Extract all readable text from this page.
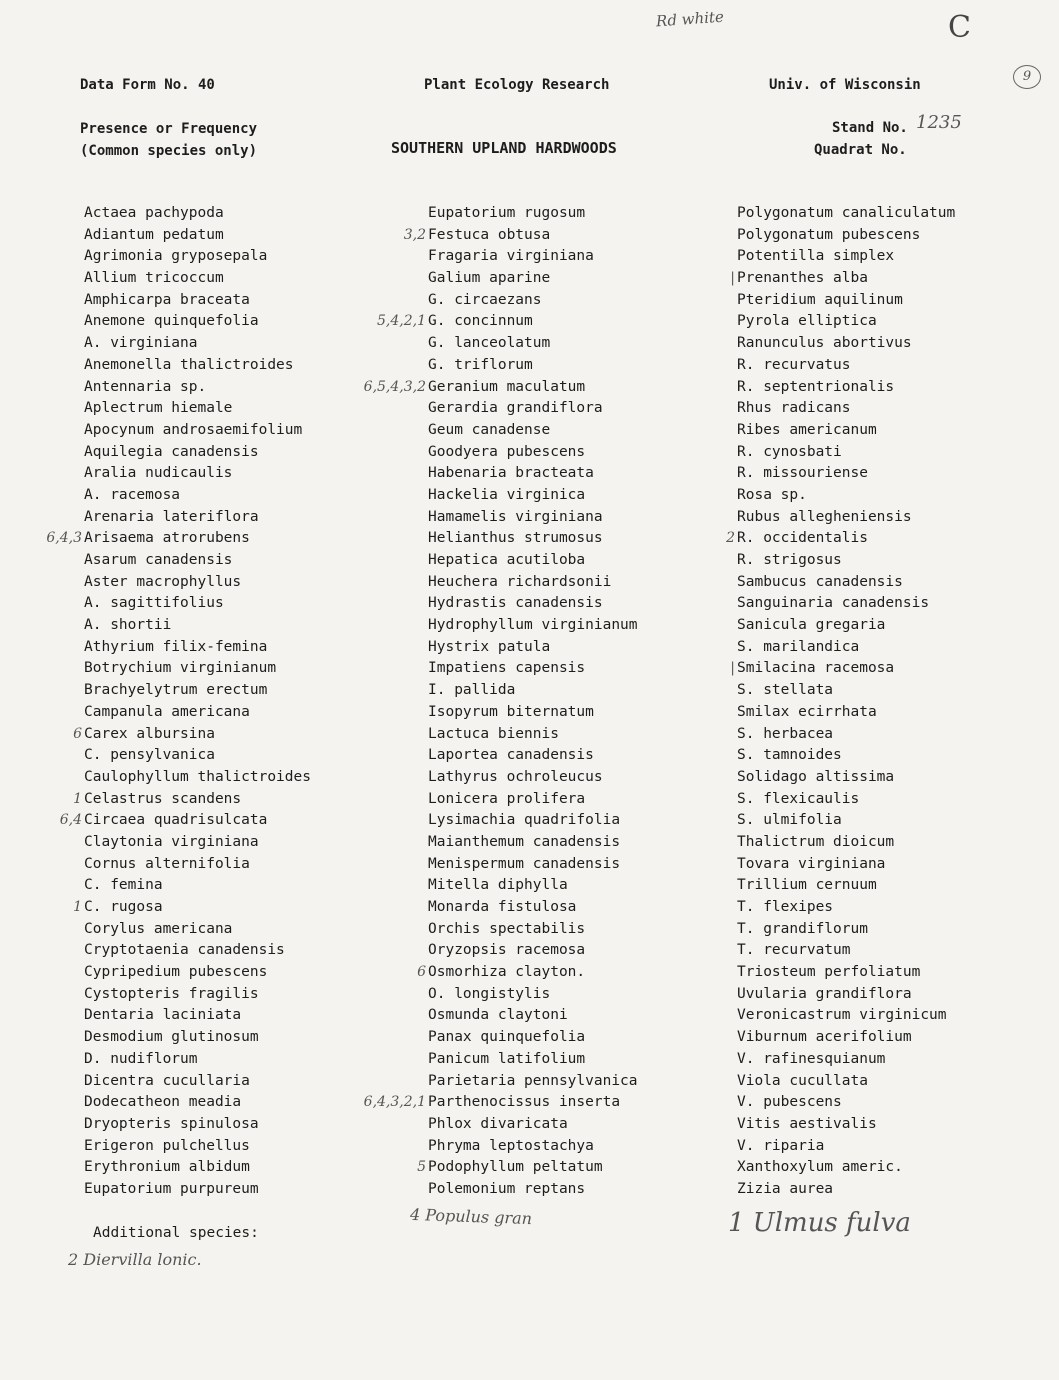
Rd white	C
9
Data Form No. 40	Plant Ecology Research	Univ. of Wisconsin
Presence or Frequency
(Common species only)	SOUTHERN UPLAND HARDWOODS
Stand No. 1235
Quadrat No.
Actaea pachypoda
Adiantum pedatum
Agrimonia gryposepala
Allium tricoccum
Amphicarpa braceata
Anemone quinquefolia
A. virginiana
Anemonella thalictroides
Antennaria sp.
Aplectrum hiemale
Apocynum androsaemifolium
Aquilegia canadensis
Aralia nudicaulis
A. racemosa
Arenaria lateriflora
6,4,3 Arisaema atrorubens
Asarum canadensis
Aster macrophyllus
A. sagittifolius
A. shortii
Athyrium filix-femina
Botrychium virginianum
Brachyelytrum erectum
Campanula americana
6 Carex albursina
C. pensylvanica
Caulophyllum thalictroides
1 Celastrus scandens
6,4 Circaea quadrisulcata
Claytonia virginiana
Cornus alternifolia
C. femina
1 C. rugosa
Corylus americana
Cryptotaenia canadensis
Cypripedium pubescens
Cystopteris fragilis
Dentaria laciniata
Desmodium glutinosum
D. nudiflorum
Dicentra cucullaria
Dodecatheon meadia
Dryopteris spinulosa
Erigeron pulchellus
Erythronium albidum
Eupatorium purpureum
Eupatorium rugosum
3,2 Festuca obtusa
Fragaria virginiana
Galium aparine
G. circaezans
5,4,2,1 G. concinnum
G. lanceolatum
G. triflorum
6,5,4,3,2 Geranium maculatum
Gerardia grandiflora
Geum canadense
Goodyera pubescens
Habenaria bracteata
Hackelia virginica
Hamamelis virginiana
Helianthus strumosus
Hepatica acutiloba
Heuchera richardsonii
Hydrastis canadensis
Hydrophyllum virginianum
Hystrix patula
Impatiens capensis
I. pallida
Isopyrum biternatum
Lactuca biennis
Laportea canadensis
Lathyrus ochroleucus
Lonicera prolifera
Lysimachia quadrifolia
Maianthemum canadensis
Menispermum canadensis
Mitella diphylla
Monarda fistulosa
Orchis spectabilis
Oryzopsis racemosa
6 Osmorhiza clayton.
O. longistylis
Osmunda claytoni
Panax quinquefolia
Panicum latifolium
Parietaria pennsylvanica
6,4,3,2,1 Parthenocissus inserta
Phlox divaricata
Phryma leptostachya
5 Podophyllum peltatum
Polemonium reptans
Polygonatum canaliculatum
Polygonatum pubescens
Potentilla simplex
| Prenanthes alba
Pteridium aquilinum
Pyrola elliptica
Ranunculus abortivus
R. recurvatus
R. septentrionalis
Rhus radicans
Ribes americanum
R. cynosbati
R. missouriense
Rosa sp.
Rubus allegheniensis
2 R. occidentalis
R. strigosus
Sambucus canadensis
Sanguinaria canadensis
Sanicula gregaria
S. marilandica
| Smilacina racemosa
S. stellata
Smilax ecirrhata
S. herbacea
S. tamnoides
Solidago altissima
S. flexicaulis
S. ulmifolia
Thalictrum dioicum
Tovara virginiana
Trillium cernuum
T. flexipes
T. grandiflorum
T. recurvatum
Triosteum perfoliatum
Uvularia grandiflora
Veronicastrum virginicum
Viburnum acerifolium
V. rafinesquianum
Viola cucullata
V. pubescens
Vitis aestivalis
V. riparia
Xanthoxylum americ.
Zizia aurea
Additional species:
2 Diervilla lonic.
4 Populus gran	1 Ulmus fulva
